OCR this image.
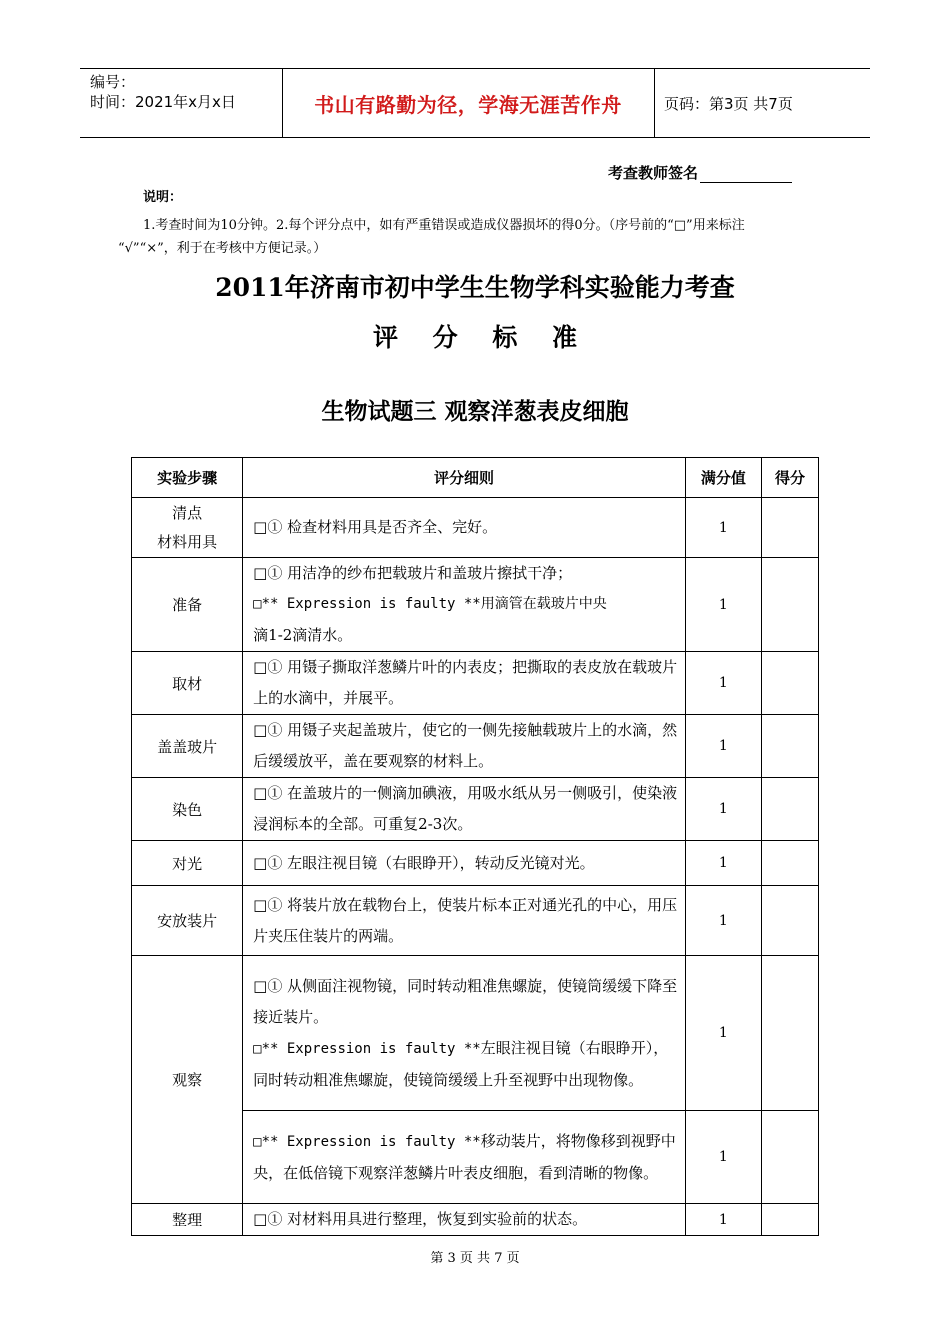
编号：
时间：2021年x月x日	书山有路勤为径，学海无涯苦作舟	页码：第3页 共7页
考查教师签名
说明：
1.考查时间为10分钟。2.每个评分点中，如有严重错误或造成仪器损坏的得0分。（序号前的“□”用来标注
“√”“×”，利于在考核中方便记录。）
2011年济南市初中学生生物学科实验能力考查
评 分 标 准
生物试题三 观察洋葱表皮细胞
实验步骤	评分细则	满分值	得分

清点
材料用具	□① 检查材料用具是否齐全、完好。	1	
准备	□① 用洁净的纱布把载玻片和盖玻片擦拭干净；
□** Expression is faulty **用滴管在载玻片中央
滴1-2滴清水。	1	
取材	□① 用镊子撕取洋葱鳞片叶的内表皮；把撕取的表皮放在载玻片上的水滴中，并展平。	1	
盖盖玻片	□① 用镊子夹起盖玻片，使它的一侧先接触载玻片上的水滴，然后缓缓放平，盖在要观察的材料上。	1	
染色	□① 在盖玻片的一侧滴加碘液，用吸水纸从另一侧吸引，使染液浸润标本的全部。可重复2-3次。	1	
对光	□① 左眼注视目镜（右眼睁开），转动反光镜对光。	1	
安放装片	□① 将装片放在载物台上，使装片标本正对通光孔的中心，用压片夹压住装片的两端。	1	
观察	□① 从侧面注视物镜，同时转动粗准焦螺旋，使镜筒缓缓下降至接近装片。
□** Expression is faulty **左眼注视目镜（右眼睁开），同时转动粗准焦螺旋，使镜筒缓缓上升至视野中出现物像。	1	

	□** Expression is faulty **移动装片，将物像移到视野中央，在低倍镜下观察洋葱鳞片叶表皮细胞，看到清晰的物像。	1	
整理	□① 对材料用具进行整理，恢复到实验前的状态。	1	
第 3 页 共 7 页
